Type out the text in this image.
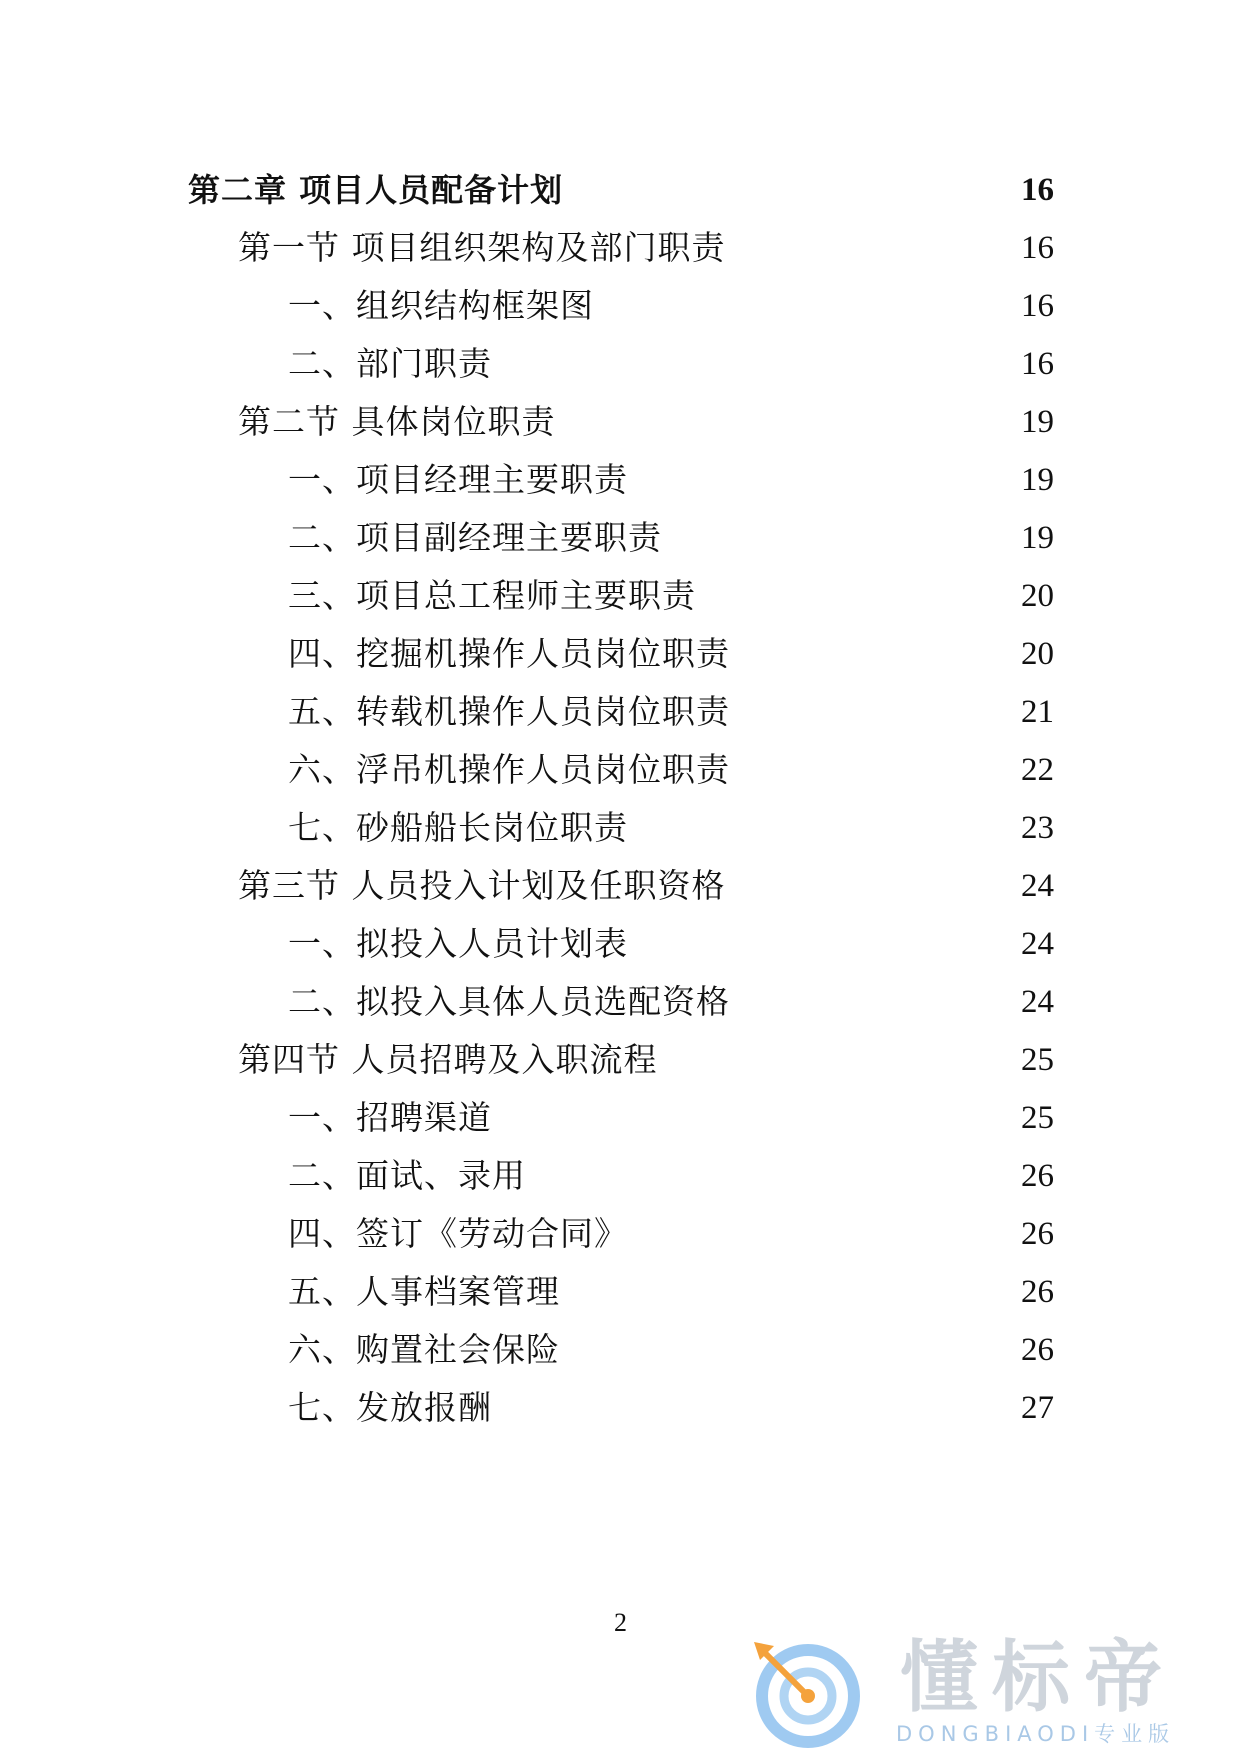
第二章 项目人员配备计划	16
第一节 项目组织架构及部门职责	16
一、组织结构框架图	16
二、部门职责	16
第二节 具体岗位职责	19
一、项目经理主要职责	19
二、项目副经理主要职责	19
三、项目总工程师主要职责	20
四、挖掘机操作人员岗位职责	20
五、转载机操作人员岗位职责	21
六、浮吊机操作人员岗位职责	22
七、砂船船长岗位职责	23
第三节 人员投入计划及任职资格	24
一、拟投入人员计划表	24
二、拟投入具体人员选配资格	24
第四节 人员招聘及入职流程	25
一、招聘渠道	25
二、面试、录用	26
四、签订《劳动合同》	26
五、人事档案管理	26
六、购置社会保险	26
七、发放报酬	27
2
懂标帝
DONGBIAODI专业版
